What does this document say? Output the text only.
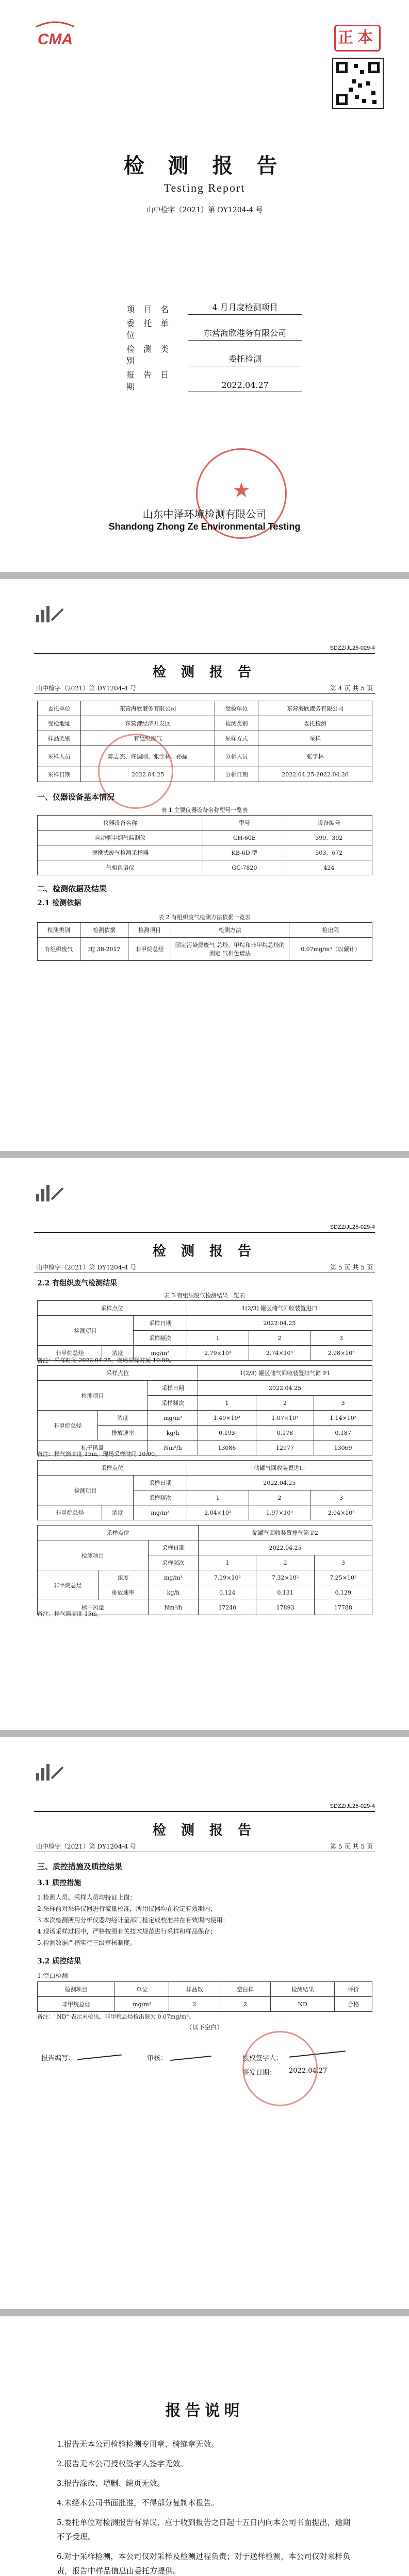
CMA	正本
检 测 报 告
Testing Report
山中检字（2021）第 DY1204-4 号
项 目 名	4 月月度检测项目
委 托 单 位	东营海欣港务有限公司
检 测 类 别	委托检测
报 告 日 期	2022.04.27
★
山东中泽环境检测有限公司
Shandong Zhong Ze Environmental Testing
SDZZ/JL25-029-4
检 测 报 告
山中检字（2021）第 DY1204-4 号	第 4 页 共 5 页
委托单位	东营海欣港务有限公司	受检单位	东营海欣港务有限公司
受检地址	东营港经济开发区	检测类别	委托检测
样品类别	有组织废气	采样方式	采样
采样人员	陈志杰、许国刚、张学林、孙磊	分析人员	张学林
采样日期	2022.04.25	分析日期	2022.04.25-2022.04.26
一、仪器设备基本情况
表 1 主要仪器设备名称型号一览表
仪器设备名称	型号	设备编号
自动烟尘烟气监测仪	GH-60E	399、392
便携式废气检测采样器	KB-6D 型	503、672
气相色谱仪	GC-7820	424
二、检测依据及结果
2.1 检测依据
表 2 有组织废气检测方法依据一览表
检测类别	检测依据	检测项目	检测方法	检出限
有组织废气	HJ 38-2017	非甲烷总烃	固定污染源废气 总烃、甲烷和非甲烷总烃的测定 气相色谱法	0.07mg/m³（以碳计）
SDZZ/JL25-029-4
检 测 报 告
山中检字（2021）第 DY1204-4 号	第 5 页 共 5 页
2.2 有组织废气检测结果
表 3 有组织废气检测结果一览表
采样点位			1(2/3) 罐区储气回收装置进口		
检测项目		采样日期	2022.04.25		
		采样频次	1	2	3
非甲烷总烃	浓度	mg/m³	2.79×10³	2.74×10³	2.98×10³
备注：采样时间 2022.04.25，现场采样时间 10:00。
采样点位			1(2/3) 罐区储气回收装置排气筒 P1		
检测项目		采样日期	2022.04.25		
		采样频次	1	2	3
非甲烷总烃	浓度	mg/m³	1.49×10³	1.07×10³	1.14×10³
	排放速率	kg/h	0.193	0.178	0.187
标干风量		Nm³/h	13086	12977	13069
备注：排气筒高度 15m，现场采样时间 10:00。
采样点位			储罐气回收装置进口		
检测项目		采样日期	2022.04.25		
		采样频次	1	2	3
非甲烷总烃	浓度	mg/m³	2.04×10³	1.97×10³	2.04×10³
采样点位			储罐气回收装置排气筒 P2		
检测项目		采样日期	2022.04.25		
		采样频次	1	2	3
非甲烷总烃	浓度	mg/m³	7.19×10²	7.32×10²	7.25×10²
	排放速率	kg/h	0.124	0.131	0.129
标干风量		Nm³/h	17240	17893	17788
备注：排气筒高度 15m。
SDZZ/JL25-029-4
检 测 报 告
山中检字（2021）第 DY1204-4 号	第 5 页 共 5 页
三、质控措施及质控结果
3.1 质控措施
1.检测人员、采样人员均持证上岗；
2.采样前对采样仪器进行流量校准，所用仪器均在检定有效期内；
3.本次检测所用分析仪器均经计量部门检定或校准并在有效期内使用；
4.现场采样过程中，严格按照有关技术规范进行采样和样品保存；
5.检测数据严格实行三级审核制度。
3.2 质控结果
1.空白检测
检测项目	单位	样品数	空白样	检测结果	评价
非甲烷总烃	mg/m³	2	2	ND	合格
备注："ND" 表示未检出，非甲烷总烃检出限为 0.07mg/m³。
（以下空白）
报告编写：	审核：	授权签字人：
签发日期： 2022.04.27
报告说明
1.报告无本公司检验检测专用章、骑缝章无效。
2.报告无本公司授权签字人签字无效。
3.报告涂改、增删、缺页无效。
4.未经本公司书面批准，不得部分复制本报告。
5.委托单位对检测报告有异议，应于收到报告之日起十五日内向本公司书面提出，逾期不予受理。
6.对于采样检测，本公司仅对采样及检测过程负责；对于送样检测，本公司仅对来样负责，报告中样品信息由委托方提供。
